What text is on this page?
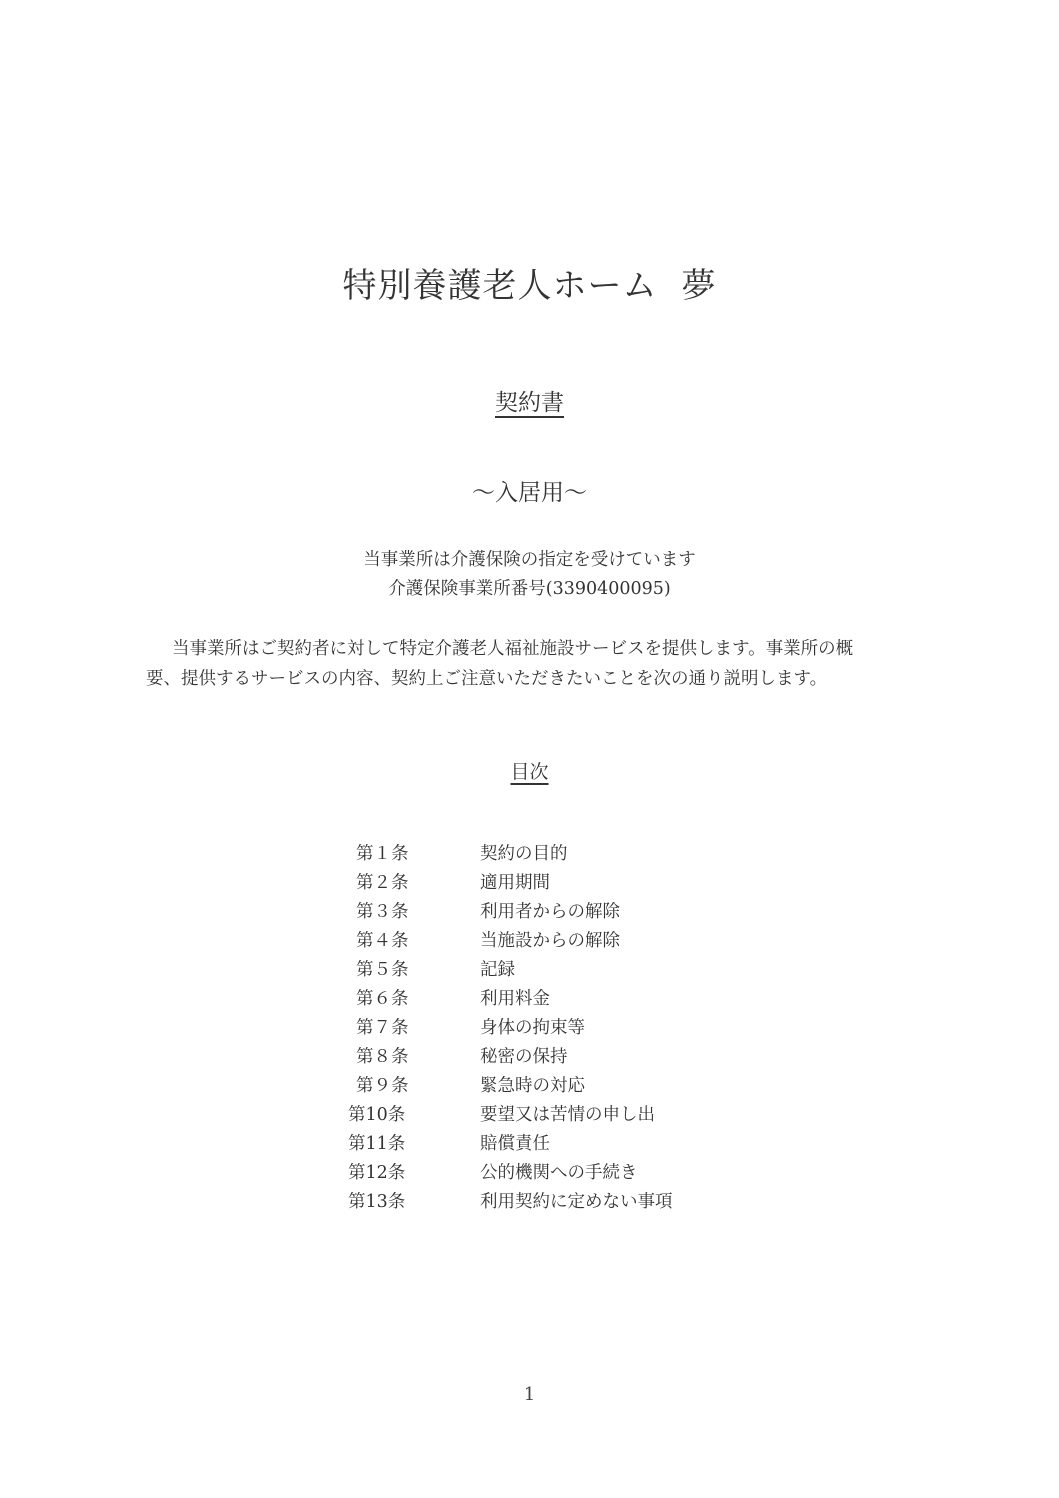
特別養護老人ホーム 夢
契約書
～入居用～
当事業所は介護保険の指定を受けています
介護保険事業所番号(3390400095)
当事業所はご契約者に対して特定介護老人福祉施設サービスを提供します。事業所の概
要、提供するサービスの内容、契約上ご注意いただきたいことを次の通り説明します。
目次
第１条	契約の目的
第２条	適用期間
第３条	利用者からの解除
第４条	当施設からの解除
第５条	記録
第６条	利用料金
第７条	身体の拘束等
第８条	秘密の保持
第９条	緊急時の対応
第10条	要望又は苦情の申し出
第11条	賠償責任
第12条	公的機関への手続き
第13条	利用契約に定めない事項
1
